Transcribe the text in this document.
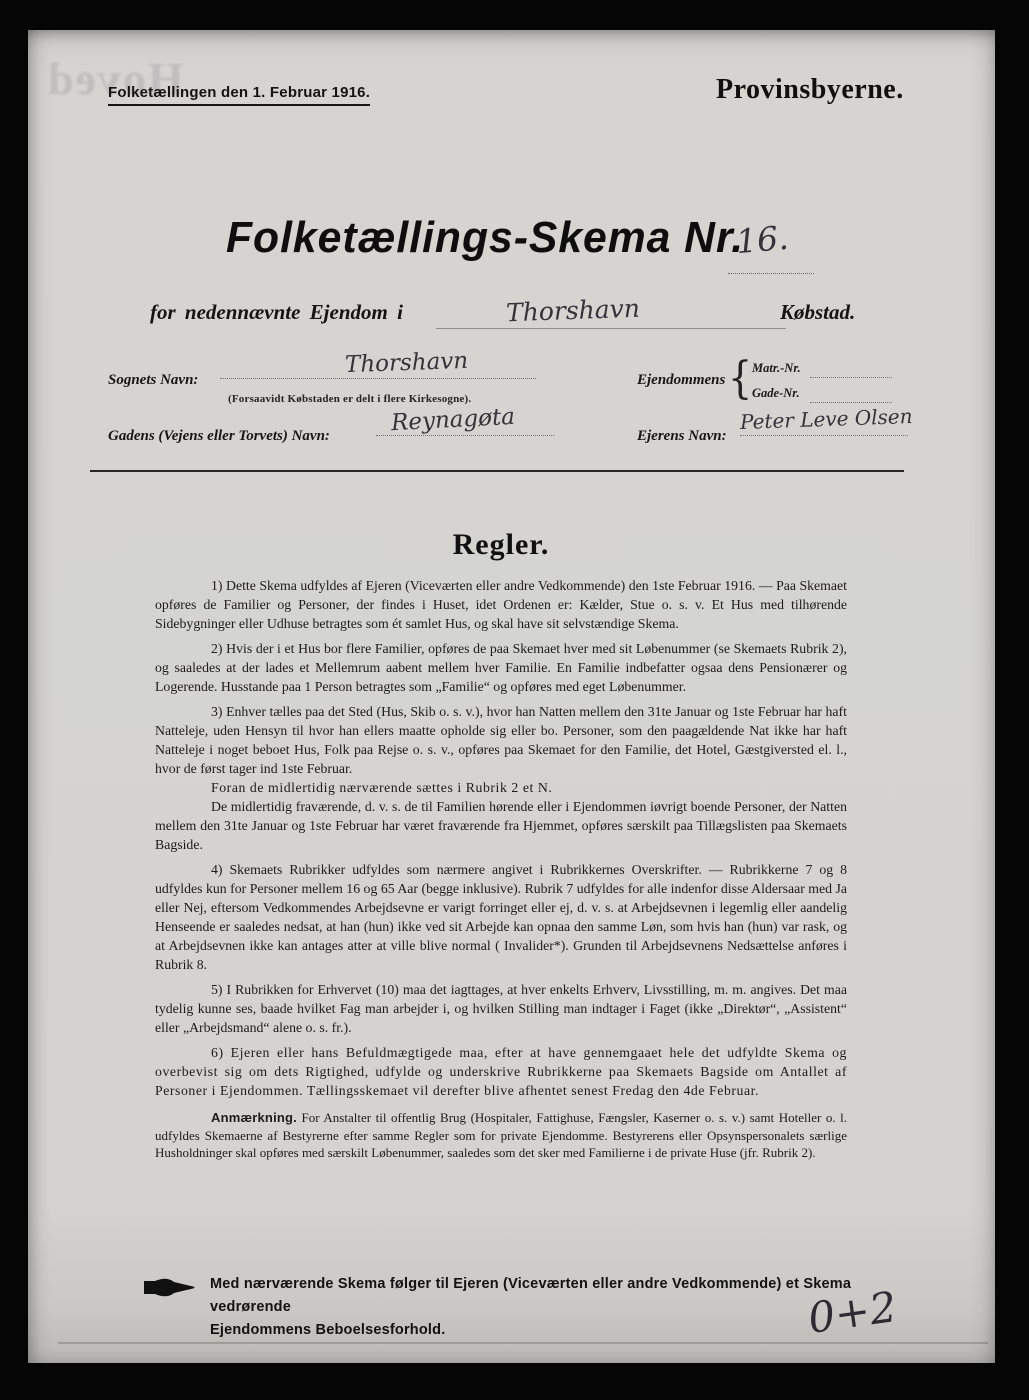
Hoved
Folketællingen den 1. Februar 1916.	Provinsbyerne.
Folketællings-Skema Nr.
16.
for nedennævnte Ejendom i	Thorshavn	Købstad.
Sognets Navn:
Thorshavn
(Forsaavidt Købstaden er delt i flere Kirkesogne).
Ejendommens { Matr.-Nr.
Gade-Nr.
Gadens (Vejens eller Torvets) Navn:	Reynagøta	Ejerens Navn:
Peter Leve Olsen
Regler.

1) Dette Skema udfyldes af Ejeren (Viceværten eller andre Vedkommende) den 1ste Februar 1916. — Paa Skemaet opføres de Familier og Personer, der findes i Huset, idet Ordenen er: Kælder, Stue o. s. v. Et Hus med tilhørende Sidebygninger eller Udhuse betragtes som ét samlet Hus, og skal have sit selvstændige Skema.

2) Hvis der i et Hus bor flere Familier, opføres de paa Skemaet hver med sit Løbenummer (se Skemaets Rubrik 2), og saaledes at der lades et Mellemrum aabent mellem hver Familie. En Familie indbefatter ogsaa dens Pensionærer og Logerende. Husstande paa 1 Person betragtes som „Familie“ og opføres med eget Løbenummer.

3) Enhver tælles paa det Sted (Hus, Skib o. s. v.), hvor han Natten mellem den 31te Januar og 1ste Februar har haft Natteleje, uden Hensyn til hvor han ellers maatte opholde sig eller bo. Personer, som den paagældende Nat ikke har haft Natteleje i noget beboet Hus, Folk paa Rejse o. s. v., opføres paa Skemaet for den Familie, det Hotel, Gæstgiversted el. l., hvor de først tager ind 1ste Februar.

Foran de midlertidig nærværende sættes i Rubrik 2 et N.

De midlertidig fraværende, d. v. s. de til Familien hørende eller i Ejendommen iøvrigt boende Personer, der Natten mellem den 31te Januar og 1ste Februar har været fraværende fra Hjemmet, opføres særskilt paa Tillægslisten paa Skemaets Bagside.

4) Skemaets Rubrikker udfyldes som nærmere angivet i Rubrikkernes Overskrifter. — Rubrikkerne 7 og 8 udfyldes kun for Personer mellem 16 og 65 Aar (begge inklusive). Rubrik 7 udfyldes for alle indenfor disse Aldersaar med Ja eller Nej, eftersom Vedkommendes Arbejdsevne er varigt forringet eller ej, d. v. s. at Arbejdsevnen i legemlig eller aandelig Henseende er saaledes nedsat, at han (hun) ikke ved sit Arbejde kan opnaa den samme Løn, som hvis han (hun) var rask, og at Arbejdsevnen ikke kan antages atter at ville blive normal ( Invalider*). Grunden til Arbejdsevnens Nedsættelse anføres i Rubrik 8.

5) I Rubrikken for Erhvervet (10) maa det iagttages, at hver enkelts Erhverv, Livsstilling, m. m. angives. Det maa tydelig kunne ses, baade hvilket Fag man arbejder i, og hvilken Stilling man indtager i Faget (ikke „Direktør“, „Assistent“ eller „Arbejdsmand“ alene o. s. fr.).

6) Ejeren eller hans Befuldmægtigede maa, efter at have gennemgaaet hele det udfyldte Skema og overbevist sig om dets Rigtighed, udfylde og underskrive Rubrikkerne paa Skemaets Bagside om Antallet af Personer i Ejendommen. Tællingsskemaet vil derefter blive afhentet senest Fredag den 4de Februar.

Anmærkning. For Anstalter til offentlig Brug (Hospitaler, Fattighuse, Fængsler, Kaserner o. s. v.) samt Hoteller o. l. udfyldes Skemaerne af Bestyrerne efter samme Regler som for private Ejendomme. Bestyrerens eller Opsynspersonalets særlige Husholdninger skal opføres med særskilt Løbenummer, saaledes som det sker med Familierne i de private Huse (jfr. Rubrik 2).

Med nærværende Skema følger til Ejeren (Viceværten eller andre Vedkommende) et Skema vedrørende
Ejendommens Beboelsesforhold.	0+2
